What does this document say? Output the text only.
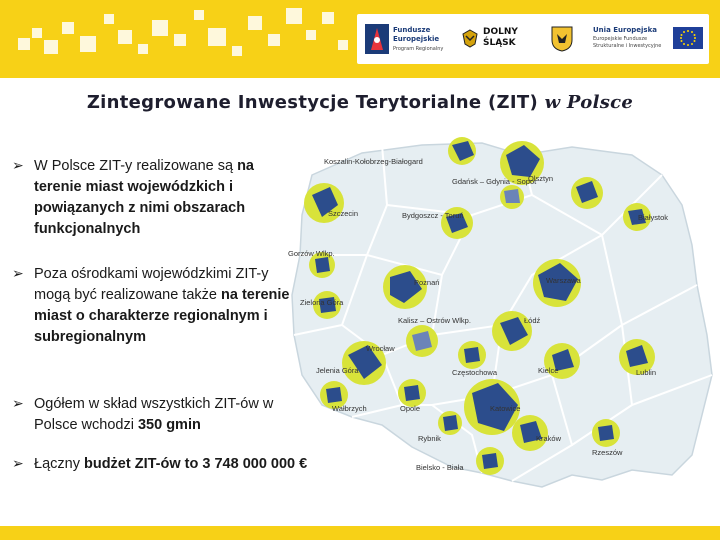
Fundusze
Europejskie
Program Regionalny
DOLNY
ŚLĄSK
Unia Europejska
Europejskie Fundusze
Strukturalne i Inwestycyjne
Zintegrowane Inwestycje Terytorialne (ZIT) w Polsce
➢ W Polsce ZIT-y realizowane są na terenie miast wojewódzkich i powiązanych z nimi obszarach funkcjonalnych
➢ Poza ośrodkami wojewódzkimi ZIT-y mogą być realizowane także na terenie miast o charakterze regionalnym i subregionalnym
➢ Ogółem w skład wszystkich ZIT-ów w Polsce wchodzi 350 gmin
➢ Łączny budżet ZIT-ów to 3 748 000 000 €
Koszalin-Kołobrzeg-Białogard
Gdańsk – Gdynia - Sopot
Olsztyn
Szczecin	Bydgoszcz - Toruń	Białystok
Gorzów Wlkp.
Poznań	Warszawa
Zielona Góra
Kalisz – Ostrów Wlkp.	Łódź
Wrocław
Jelenia Góra	Częstochowa	Kielce	Lublin
Wałbrzych	Opole	Katowice
Rybnik	Kraków
Rzeszów
Bielsko - Biała
